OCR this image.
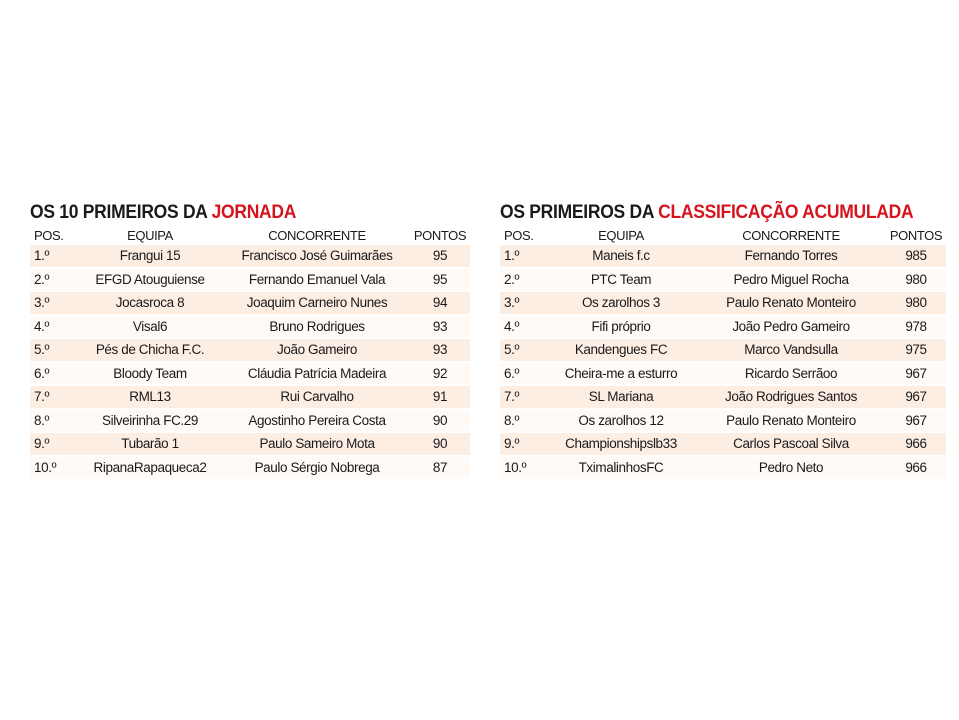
OS 10 PRIMEIROS DA JORNADA
POS.	EQUIPA	CONCORRENTE	PONTOS
1.º	Frangui 15	Francisco José Guimarães	95
2.º	EFGD Atouguiense	Fernando Emanuel Vala	95
3.º	Jocasroca 8	Joaquim Carneiro Nunes	94
4.º	Visal6	Bruno Rodrigues	93
5.º	Pés de Chicha F.C.	João Gameiro	93
6.º	Bloody Team	Cláudia Patrícia Madeira	92
7.º	RML13	Rui Carvalho	91
8.º	Silveirinha FC.29	Agostinho Pereira Costa	90
9.º	Tubarão 1	Paulo Sameiro Mota	90
10.º	RipanaRapaqueca2	Paulo Sérgio Nobrega	87
OS PRIMEIROS DA CLASSIFICAÇÃO ACUMULADA
POS.	EQUIPA	CONCORRENTE	PONTOS
1.º	Maneis f.c	Fernando Torres	985
2.º	PTC Team	Pedro Miguel Rocha	980
3.º	Os zarolhos 3	Paulo Renato Monteiro	980
4.º	Fifi próprio	João Pedro Gameiro	978
5.º	Kandengues FC	Marco Vandsulla	975
6.º	Cheira-me a esturro	Ricardo Serrãoo	967
7.º	SL Mariana	João Rodrigues Santos	967
8.º	Os zarolhos 12	Paulo Renato Monteiro	967
9.º	Championshipslb33	Carlos Pascoal Silva	966
10.º	TximalinhosFC	Pedro Neto	966
